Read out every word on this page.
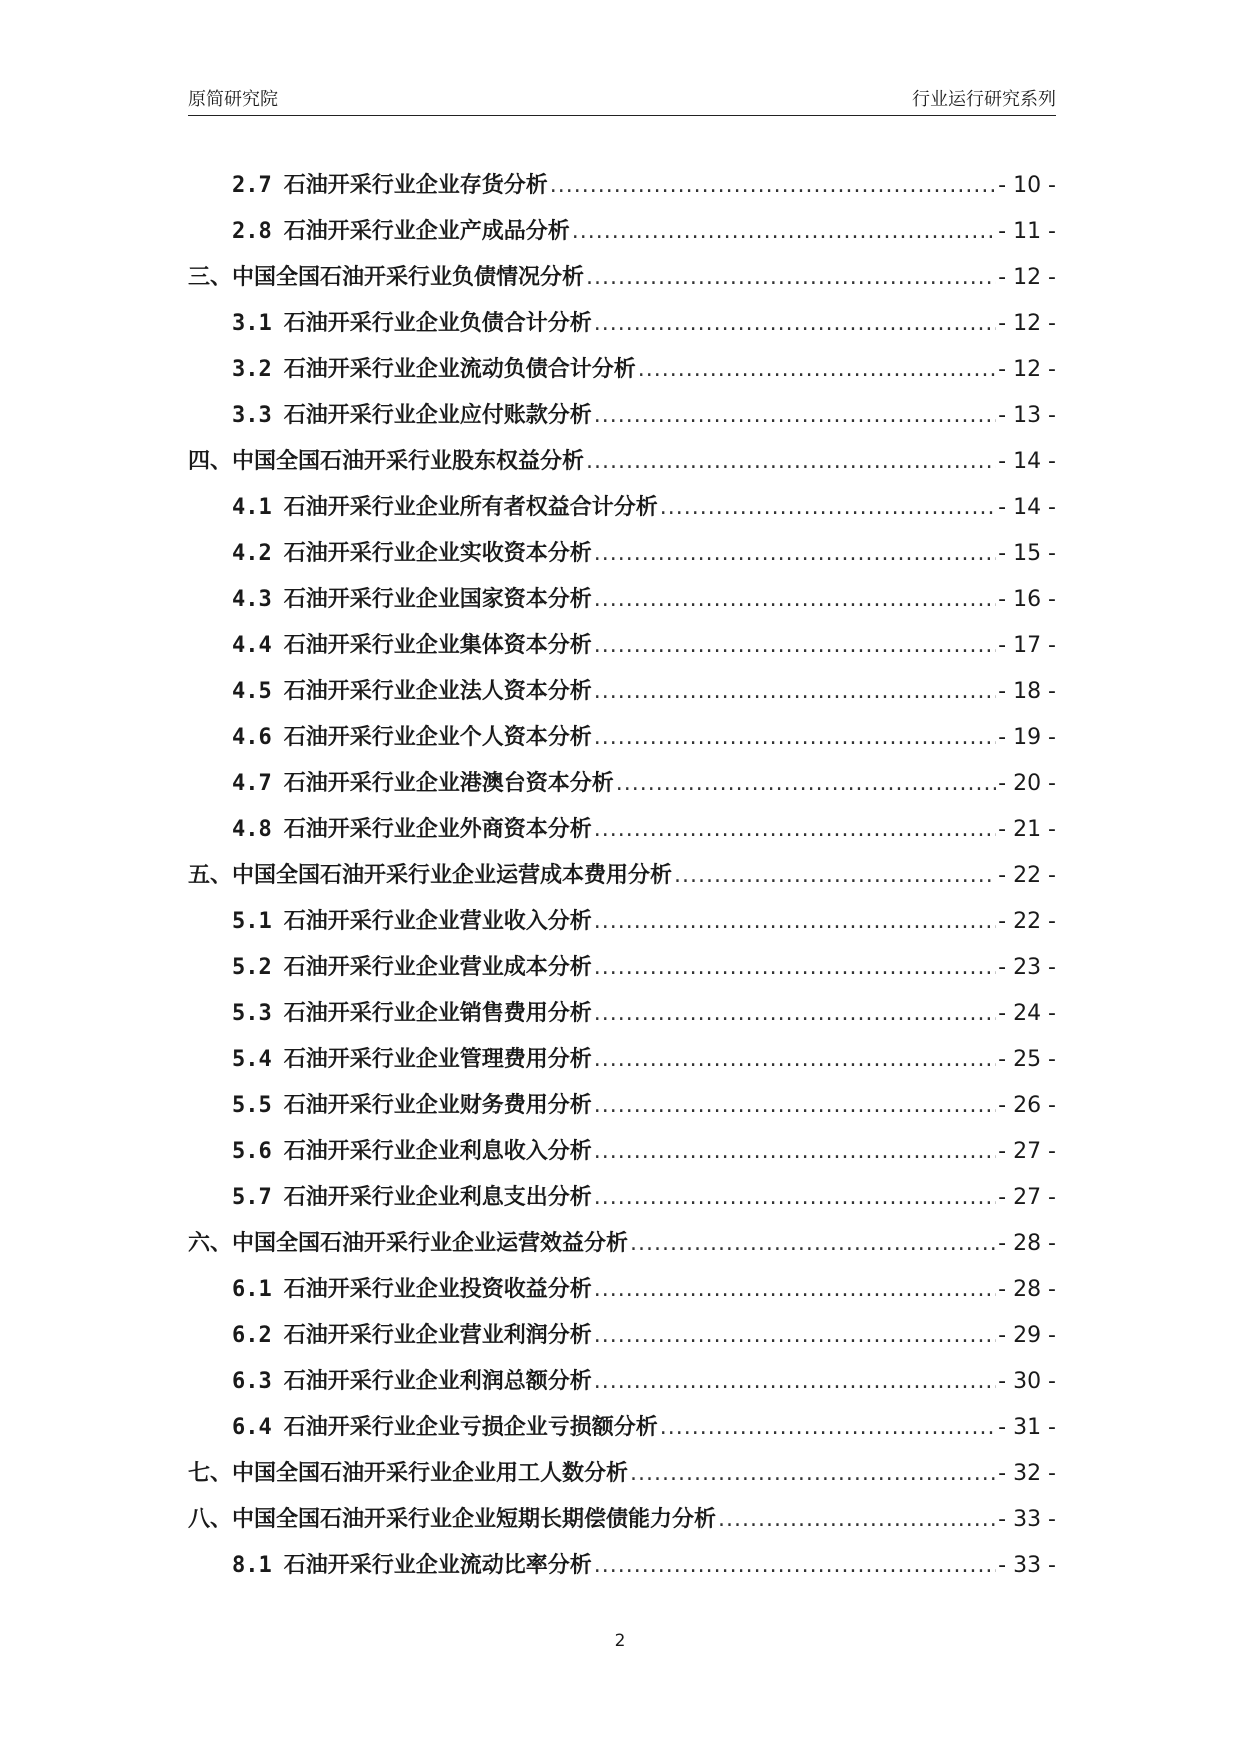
原简研究院	行业运行研究系列
2.7 石油开采行业企业存货分析 .....	- 10 -
2.8 石油开采行业企业产成品分析 .....	- 11 -
三、中国全国石油开采行业负债情况分析 .....	- 12 -
3.1 石油开采行业企业负债合计分析 .....	- 12 -
3.2 石油开采行业企业流动负债合计分析 .....	- 12 -
3.3 石油开采行业企业应付账款分析 .....	- 13 -
四、中国全国石油开采行业股东权益分析 .....	- 14 -
4.1 石油开采行业企业所有者权益合计分析 .....	- 14 -
4.2 石油开采行业企业实收资本分析 .....	- 15 -
4.3 石油开采行业企业国家资本分析 .....	- 16 -
4.4 石油开采行业企业集体资本分析 .....	- 17 -
4.5 石油开采行业企业法人资本分析 .....	- 18 -
4.6 石油开采行业企业个人资本分析 .....	- 19 -
4.7 石油开采行业企业港澳台资本分析 .....	- 20 -
4.8 石油开采行业企业外商资本分析 .....	- 21 -
五、中国全国石油开采行业企业运营成本费用分析 .....	- 22 -
5.1 石油开采行业企业营业收入分析 .....	- 22 -
5.2 石油开采行业企业营业成本分析 .....	- 23 -
5.3 石油开采行业企业销售费用分析 .....	- 24 -
5.4 石油开采行业企业管理费用分析 .....	- 25 -
5.5 石油开采行业企业财务费用分析 .....	- 26 -
5.6 石油开采行业企业利息收入分析 .....	- 27 -
5.7 石油开采行业企业利息支出分析 .....	- 27 -
六、中国全国石油开采行业企业运营效益分析 .....	- 28 -
6.1 石油开采行业企业投资收益分析 .....	- 28 -
6.2 石油开采行业企业营业利润分析 .....	- 29 -
6.3 石油开采行业企业利润总额分析 .....	- 30 -
6.4 石油开采行业企业亏损企业亏损额分析 .....	- 31 -
七、中国全国石油开采行业企业用工人数分析 .....	- 32 -
八、中国全国石油开采行业企业短期长期偿债能力分析 .....	- 33 -
8.1 石油开采行业企业流动比率分析 .....	- 33 -
2
